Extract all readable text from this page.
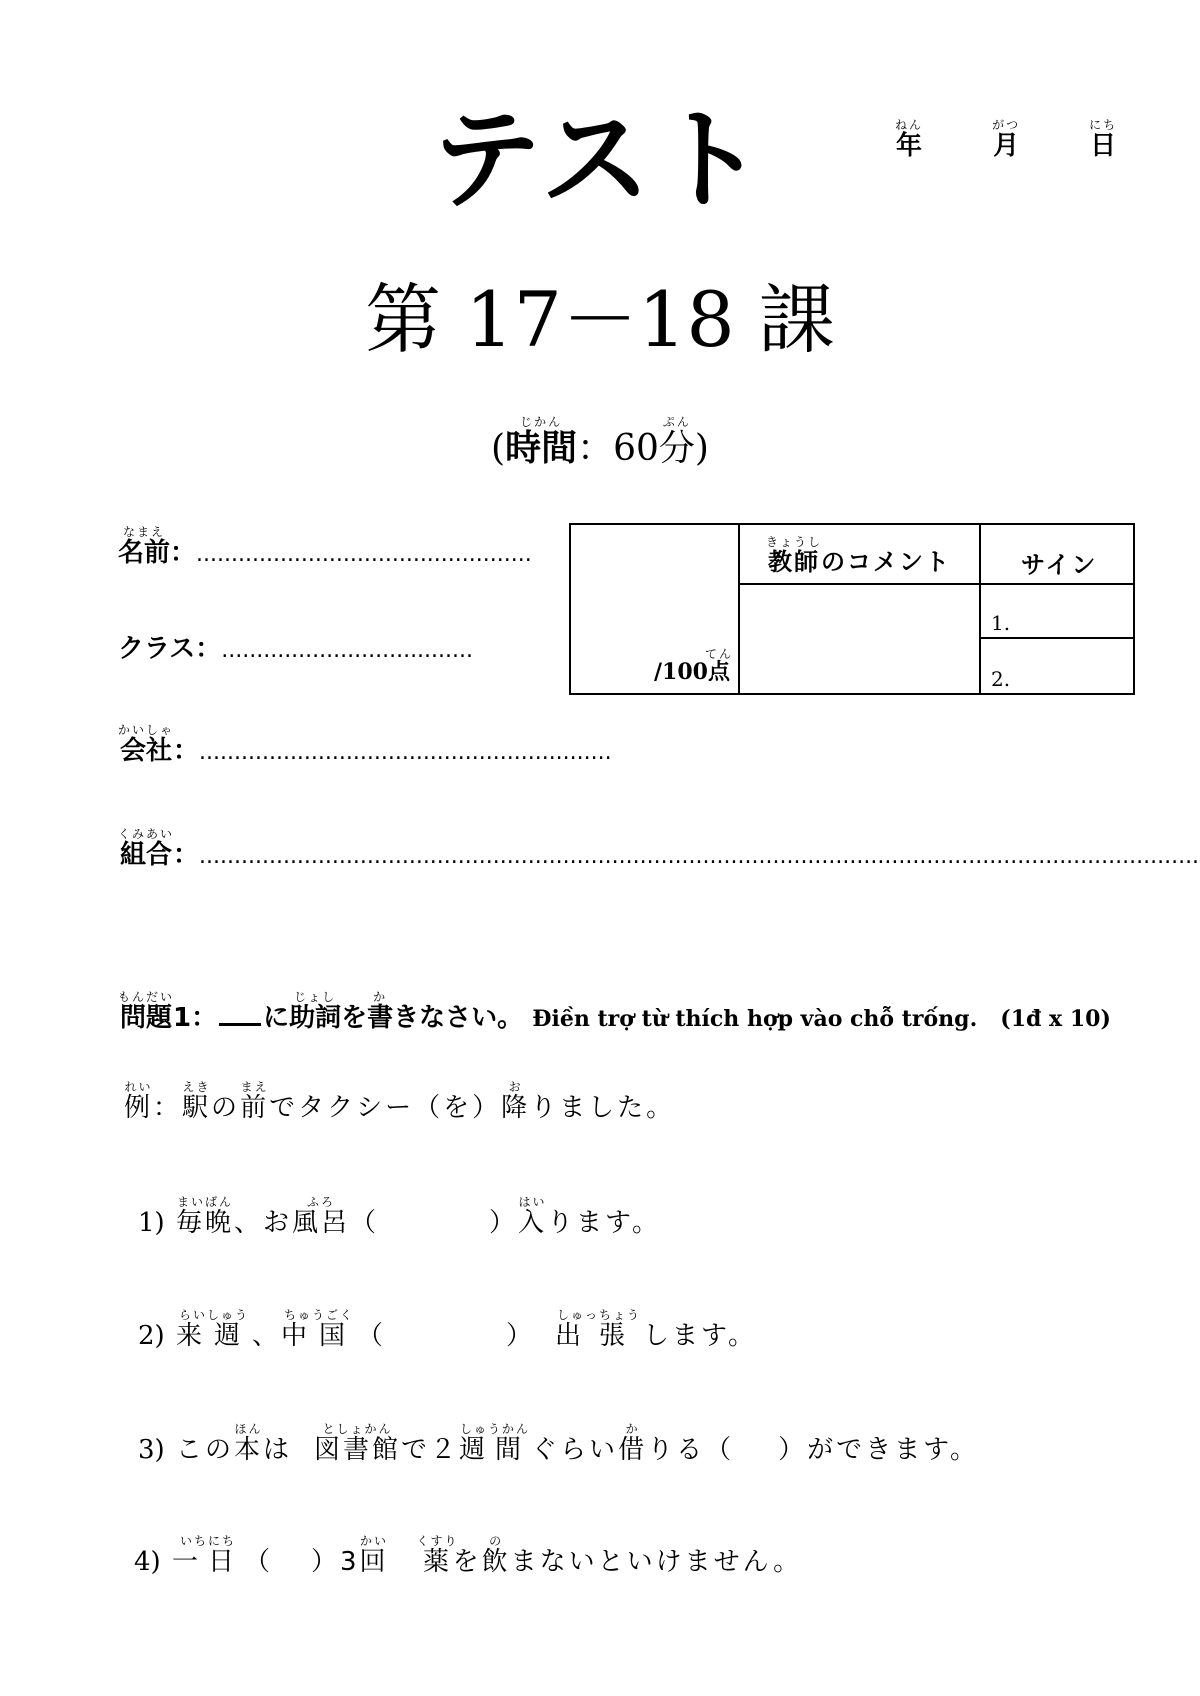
テスト	年ねん 月がつ 日にち
第 17－18 課
(時間じかん：60分ぷん)
名前なまえ：................................................
クラス：....................................
会社かいしゃ：...........................................................
組合くみあい：...............................................................................................................................................
/100点てん
教師きょうしのコメント	サイン
1.
2.
問題もんだい1： に助詞じょしを書かきなさい。 Điền trợ từ thích hợp vào chỗ trống. (1đ x 10)
例れい：駅えきの前まえでタクシー（を）降おりました。
1) 毎晩まいばん、お風呂ふろ（	）入はいります。
2) 来週らいしゅう、中国ちゅうごく（	） 出張しゅっちょうします。
3) この本ほんは 図書館としょかんで２週間しゅうかんぐらい借かりる（ ）ができます。
4) 一日いちにち（ ）3回かい薬くすりを飲のまないといけません。
